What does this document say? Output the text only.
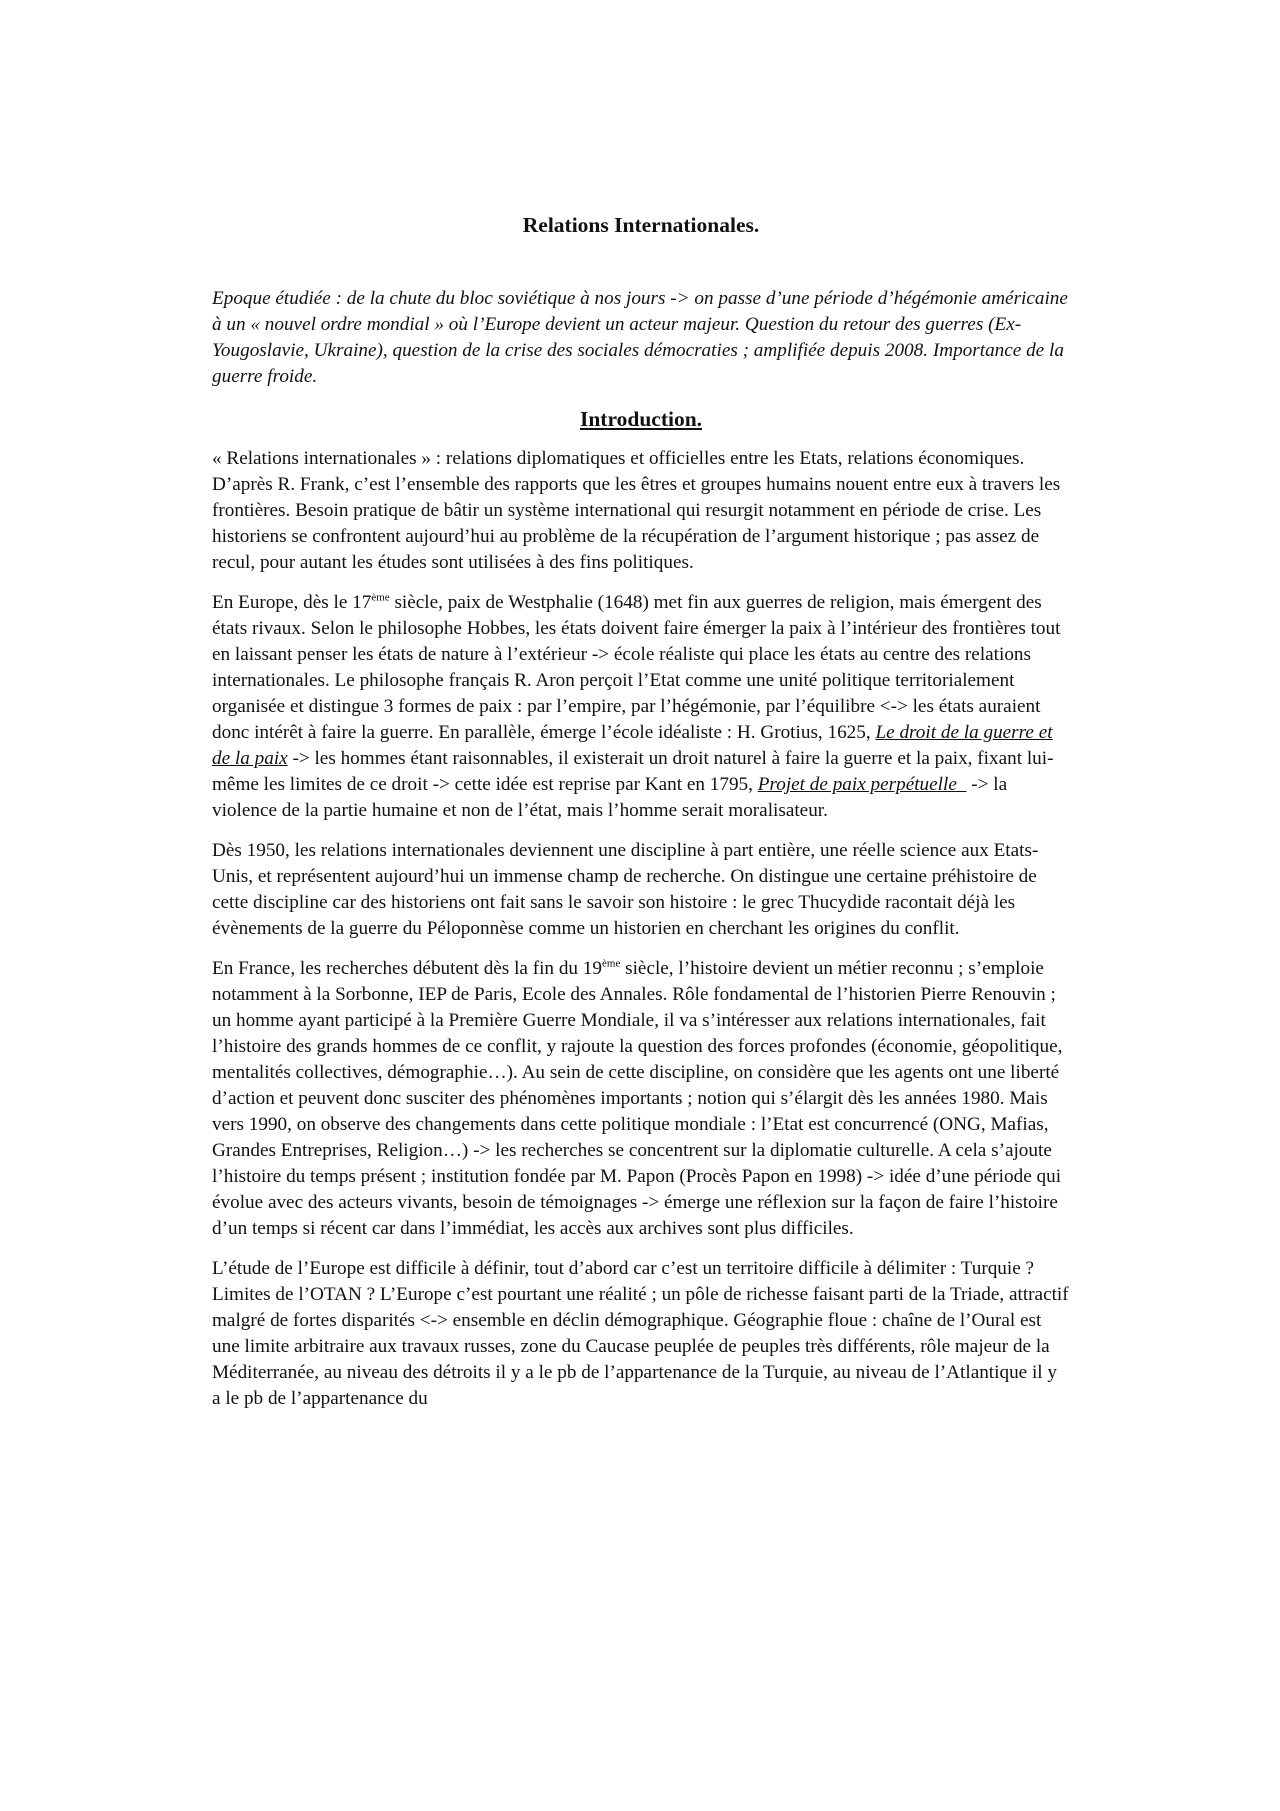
Relations Internationales.

Epoque étudiée : de la chute du bloc soviétique à nos jours -> on passe d’une période d’hégémonie américaine à un « nouvel ordre mondial » où l’Europe devient un acteur majeur. Question du retour des guerres (Ex-Yougoslavie, Ukraine), question de la crise des sociales démocraties ; amplifiée depuis 2008. Importance de la guerre froide.

Introduction.

« Relations internationales » : relations diplomatiques et officielles entre les Etats, relations économiques. D’après R. Frank, c’est l’ensemble des rapports que les êtres et groupes humains nouent entre eux à travers les frontières. Besoin pratique de bâtir un système international qui resurgit notamment en période de crise. Les historiens se confrontent aujourd’hui au problème de la récupération de l’argument historique ; pas assez de recul, pour autant les études sont utilisées à des fins politiques.

En Europe, dès le 17ème siècle, paix de Westphalie (1648) met fin aux guerres de religion, mais émergent des états rivaux. Selon le philosophe Hobbes, les états doivent faire émerger la paix à l’intérieur des frontières tout en laissant penser les états de nature à l’extérieur -> école réaliste qui place les états au centre des relations internationales. Le philosophe français R. Aron perçoit l’Etat comme une unité politique territorialement organisée et distingue 3 formes de paix : par l’empire, par l’hégémonie, par l’équilibre <-> les états auraient donc intérêt à faire la guerre. En parallèle, émerge l’école idéaliste : H. Grotius, 1625, Le droit de la guerre et de la paix -> les hommes étant raisonnables, il existerait un droit naturel à faire la guerre et la paix, fixant lui-même les limites de ce droit -> cette idée est reprise par Kant en 1795, Projet de paix perpétuelle   -> la violence de la partie humaine et non de l’état, mais l’homme serait moralisateur.

Dès 1950, les relations internationales deviennent une discipline à part entière, une réelle science aux Etats-Unis, et représentent aujourd’hui un immense champ de recherche. On distingue une certaine préhistoire de cette discipline car des historiens ont fait sans le savoir son histoire : le grec Thucydide racontait déjà les évènements de la guerre du Péloponnèse comme un historien en cherchant les origines du conflit.

En France, les recherches débutent dès la fin du 19ème siècle, l’histoire devient un métier reconnu ; s’emploie notamment à la Sorbonne, IEP de Paris, Ecole des Annales. Rôle fondamental de l’historien Pierre Renouvin ; un homme ayant participé à la Première Guerre Mondiale, il va s’intéresser aux relations internationales, fait l’histoire des grands hommes de ce conflit, y rajoute la question des forces profondes (économie, géopolitique, mentalités collectives, démographie…). Au sein de cette discipline, on considère que les agents ont une liberté d’action et peuvent donc susciter des phénomènes importants ; notion qui s’élargit dès les années 1980. Mais vers 1990, on observe des changements dans cette politique mondiale : l’Etat est concurrencé (ONG, Mafias, Grandes Entreprises, Religion…) -> les recherches se concentrent sur la diplomatie culturelle. A cela s’ajoute l’histoire du temps présent ; institution fondée par M. Papon (Procès Papon en 1998) -> idée d’une période qui évolue avec des acteurs vivants, besoin de témoignages -> émerge une réflexion sur la façon de faire l’histoire d’un temps si récent car dans l’immédiat, les accès aux archives sont plus difficiles.

L’étude de l’Europe est difficile à définir, tout d’abord car c’est un territoire difficile à délimiter : Turquie ? Limites de l’OTAN ? L’Europe c’est pourtant une réalité ; un pôle de richesse faisant parti de la Triade, attractif malgré de fortes disparités <-> ensemble en déclin démographique. Géographie floue : chaîne de l’Oural est une limite arbitraire aux travaux russes, zone du Caucase peuplée de peuples très différents, rôle majeur de la Méditerranée, au niveau des détroits il y a le pb de l’appartenance de la Turquie, au niveau de l’Atlantique il y a le pb de l’appartenance du
